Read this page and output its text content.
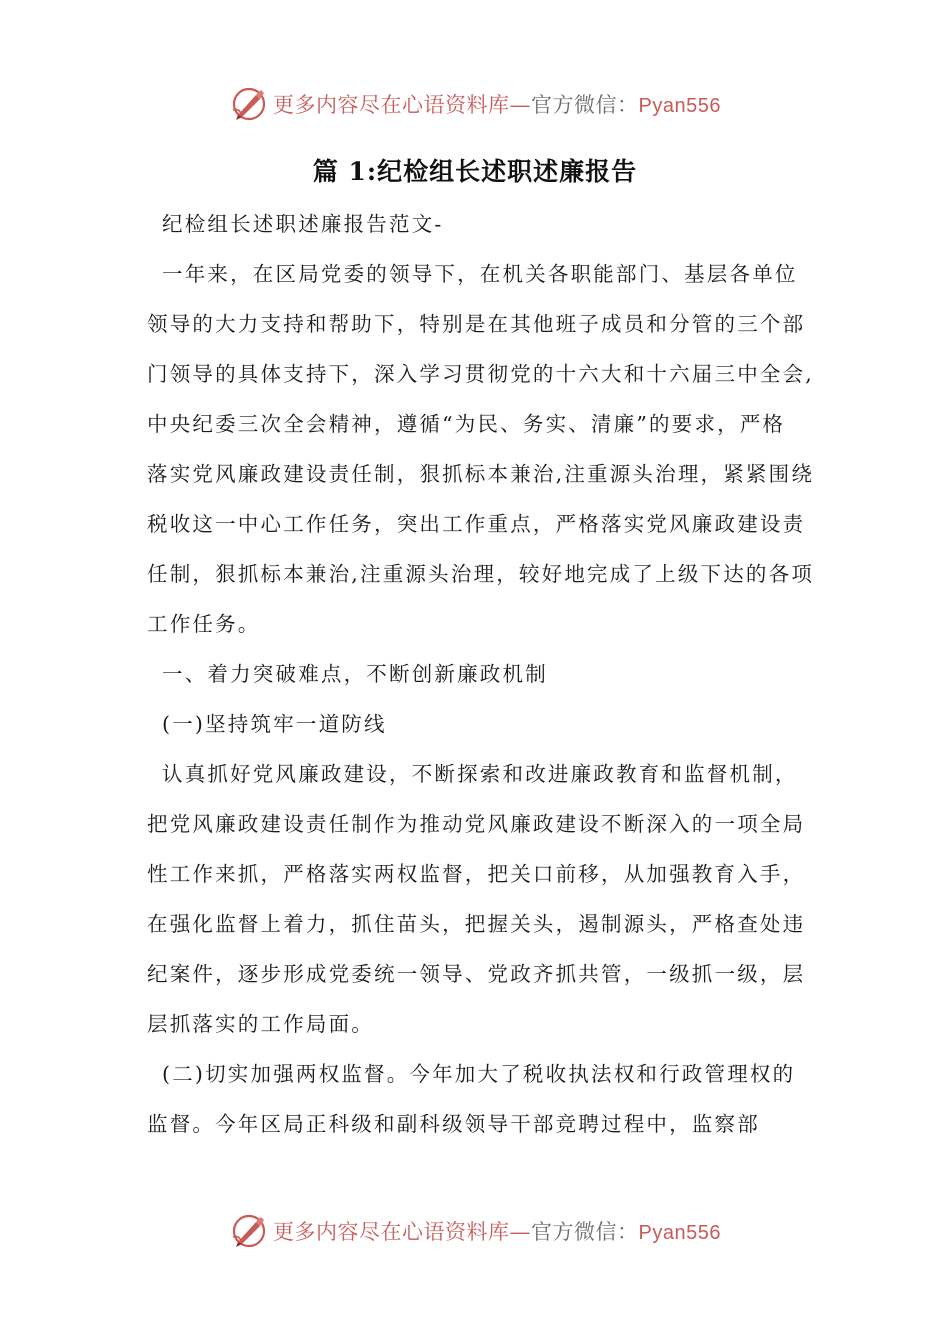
更多内容尽在心语资料库—官方微信：Pyan556
篇 1:纪检组长述职述廉报告
纪检组长述职述廉报告范文-
一年来，在区局党委的领导下，在机关各职能部门、基层各单位
领导的大力支持和帮助下，特别是在其他班子成员和分管的三个部
门领导的具体支持下，深入学习贯彻党的十六大和十六届三中全会,
中央纪委三次全会精神，遵循“为民、务实、清廉”的要求，严格
落实党风廉政建设责任制，狠抓标本兼治,注重源头治理，紧紧围绕
税收这一中心工作任务，突出工作重点，严格落实党风廉政建设责
任制，狠抓标本兼治,注重源头治理，较好地完成了上级下达的各项
工作任务。
一、着力突破难点，不断创新廉政机制
(一)坚持筑牢一道防线
认真抓好党风廉政建设，不断探索和改进廉政教育和监督机制，
把党风廉政建设责任制作为推动党风廉政建设不断深入的一项全局
性工作来抓，严格落实两权监督，把关口前移，从加强教育入手，
在强化监督上着力，抓住苗头，把握关头，遏制源头，严格查处违
纪案件，逐步形成党委统一领导、党政齐抓共管，一级抓一级，层
层抓落实的工作局面。
(二)切实加强两权监督。今年加大了税收执法权和行政管理权的
监督。今年区局正科级和副科级领导干部竞聘过程中，监察部
更多内容尽在心语资料库—官方微信：Pyan556
